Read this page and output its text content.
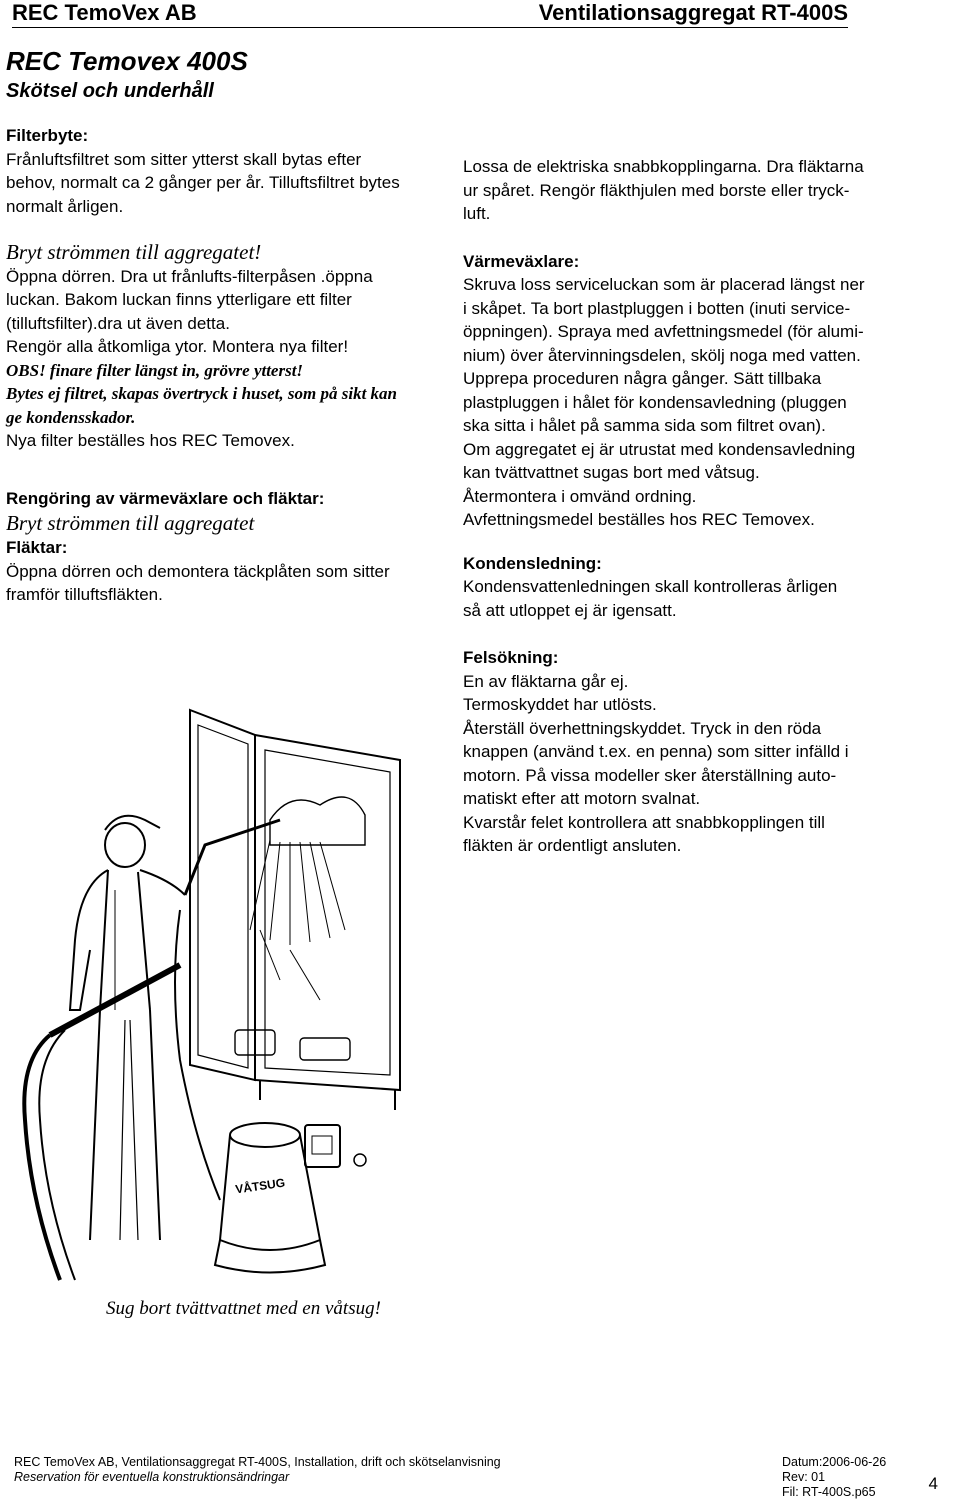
REC TemoVex AB	Ventilationsaggregat RT-400S
REC Temovex 400S
Skötsel och underhåll

Filterbyte:

Frånluftsfiltret som sitter ytterst skall bytas efter

behov, normalt ca 2 gånger per år. Tilluftsfiltret bytes

normalt årligen.

Bryt strömmen till aggregatet!

Öppna dörren. Dra ut frånlufts-filterpåsen .öppna

luckan. Bakom luckan finns ytterligare ett filter

(tilluftsfilter).dra ut även detta.

Rengör alla åtkomliga ytor. Montera nya filter!

OBS! finare filter längst in, grövre ytterst!

Bytes ej filtret, skapas övertryck i huset, som på sikt kan

ge kondensskador.

Nya filter beställes hos REC Temovex.

Rengöring av värmeväxlare och fläktar:

Bryt strömmen till aggregatet

Fläktar:

Öppna dörren och demontera täckplåten som sitter

framför tilluftsfläkten.

VÅTSUG
Sug bort tvättvattnet med en våtsug!

Lossa de elektriska snabbkopplingarna. Dra fläktarna

ur spåret. Rengör fläkthjulen med borste eller tryck-

luft.

Värmeväxlare:

Skruva loss serviceluckan som är placerad längst ner

i skåpet. Ta bort plastpluggen i botten (inuti service-

öppningen). Spraya med avfettningsmedel (för alumi-

nium) över återvinningsdelen, skölj noga med vatten.

Upprepa proceduren några gånger. Sätt tillbaka

plastpluggen i hålet för kondensavledning (pluggen

ska sitta i hålet på samma sida som filtret ovan).

Om aggregatet ej är utrustat med kondensavledning

kan tvättvattnet sugas bort med våtsug.

Återmontera i omvänd ordning.

Avfettningsmedel beställes hos REC Temovex.

Kondensledning:

Kondensvattenledningen skall kontrolleras årligen

så att utloppet ej är igensatt.

Felsökning:

En av fläktarna går ej.

Termoskyddet har utlösts.

Återställ överhettningskyddet. Tryck in den röda

knappen (använd t.ex. en penna) som sitter infälld i

motorn. På vissa modeller sker återställning auto-

matiskt efter att motorn svalnat.

Kvarstår felet kontrollera att snabbkopplingen till

fläkten är ordentligt ansluten.

REC TemoVex AB, Ventilationsaggregat RT-400S, Installation, drift och skötselanvisning
Reservation för eventuella konstruktionsändringar
Datum:2006-06-26
Rev: 01
Fil: RT-400S.p65	4
